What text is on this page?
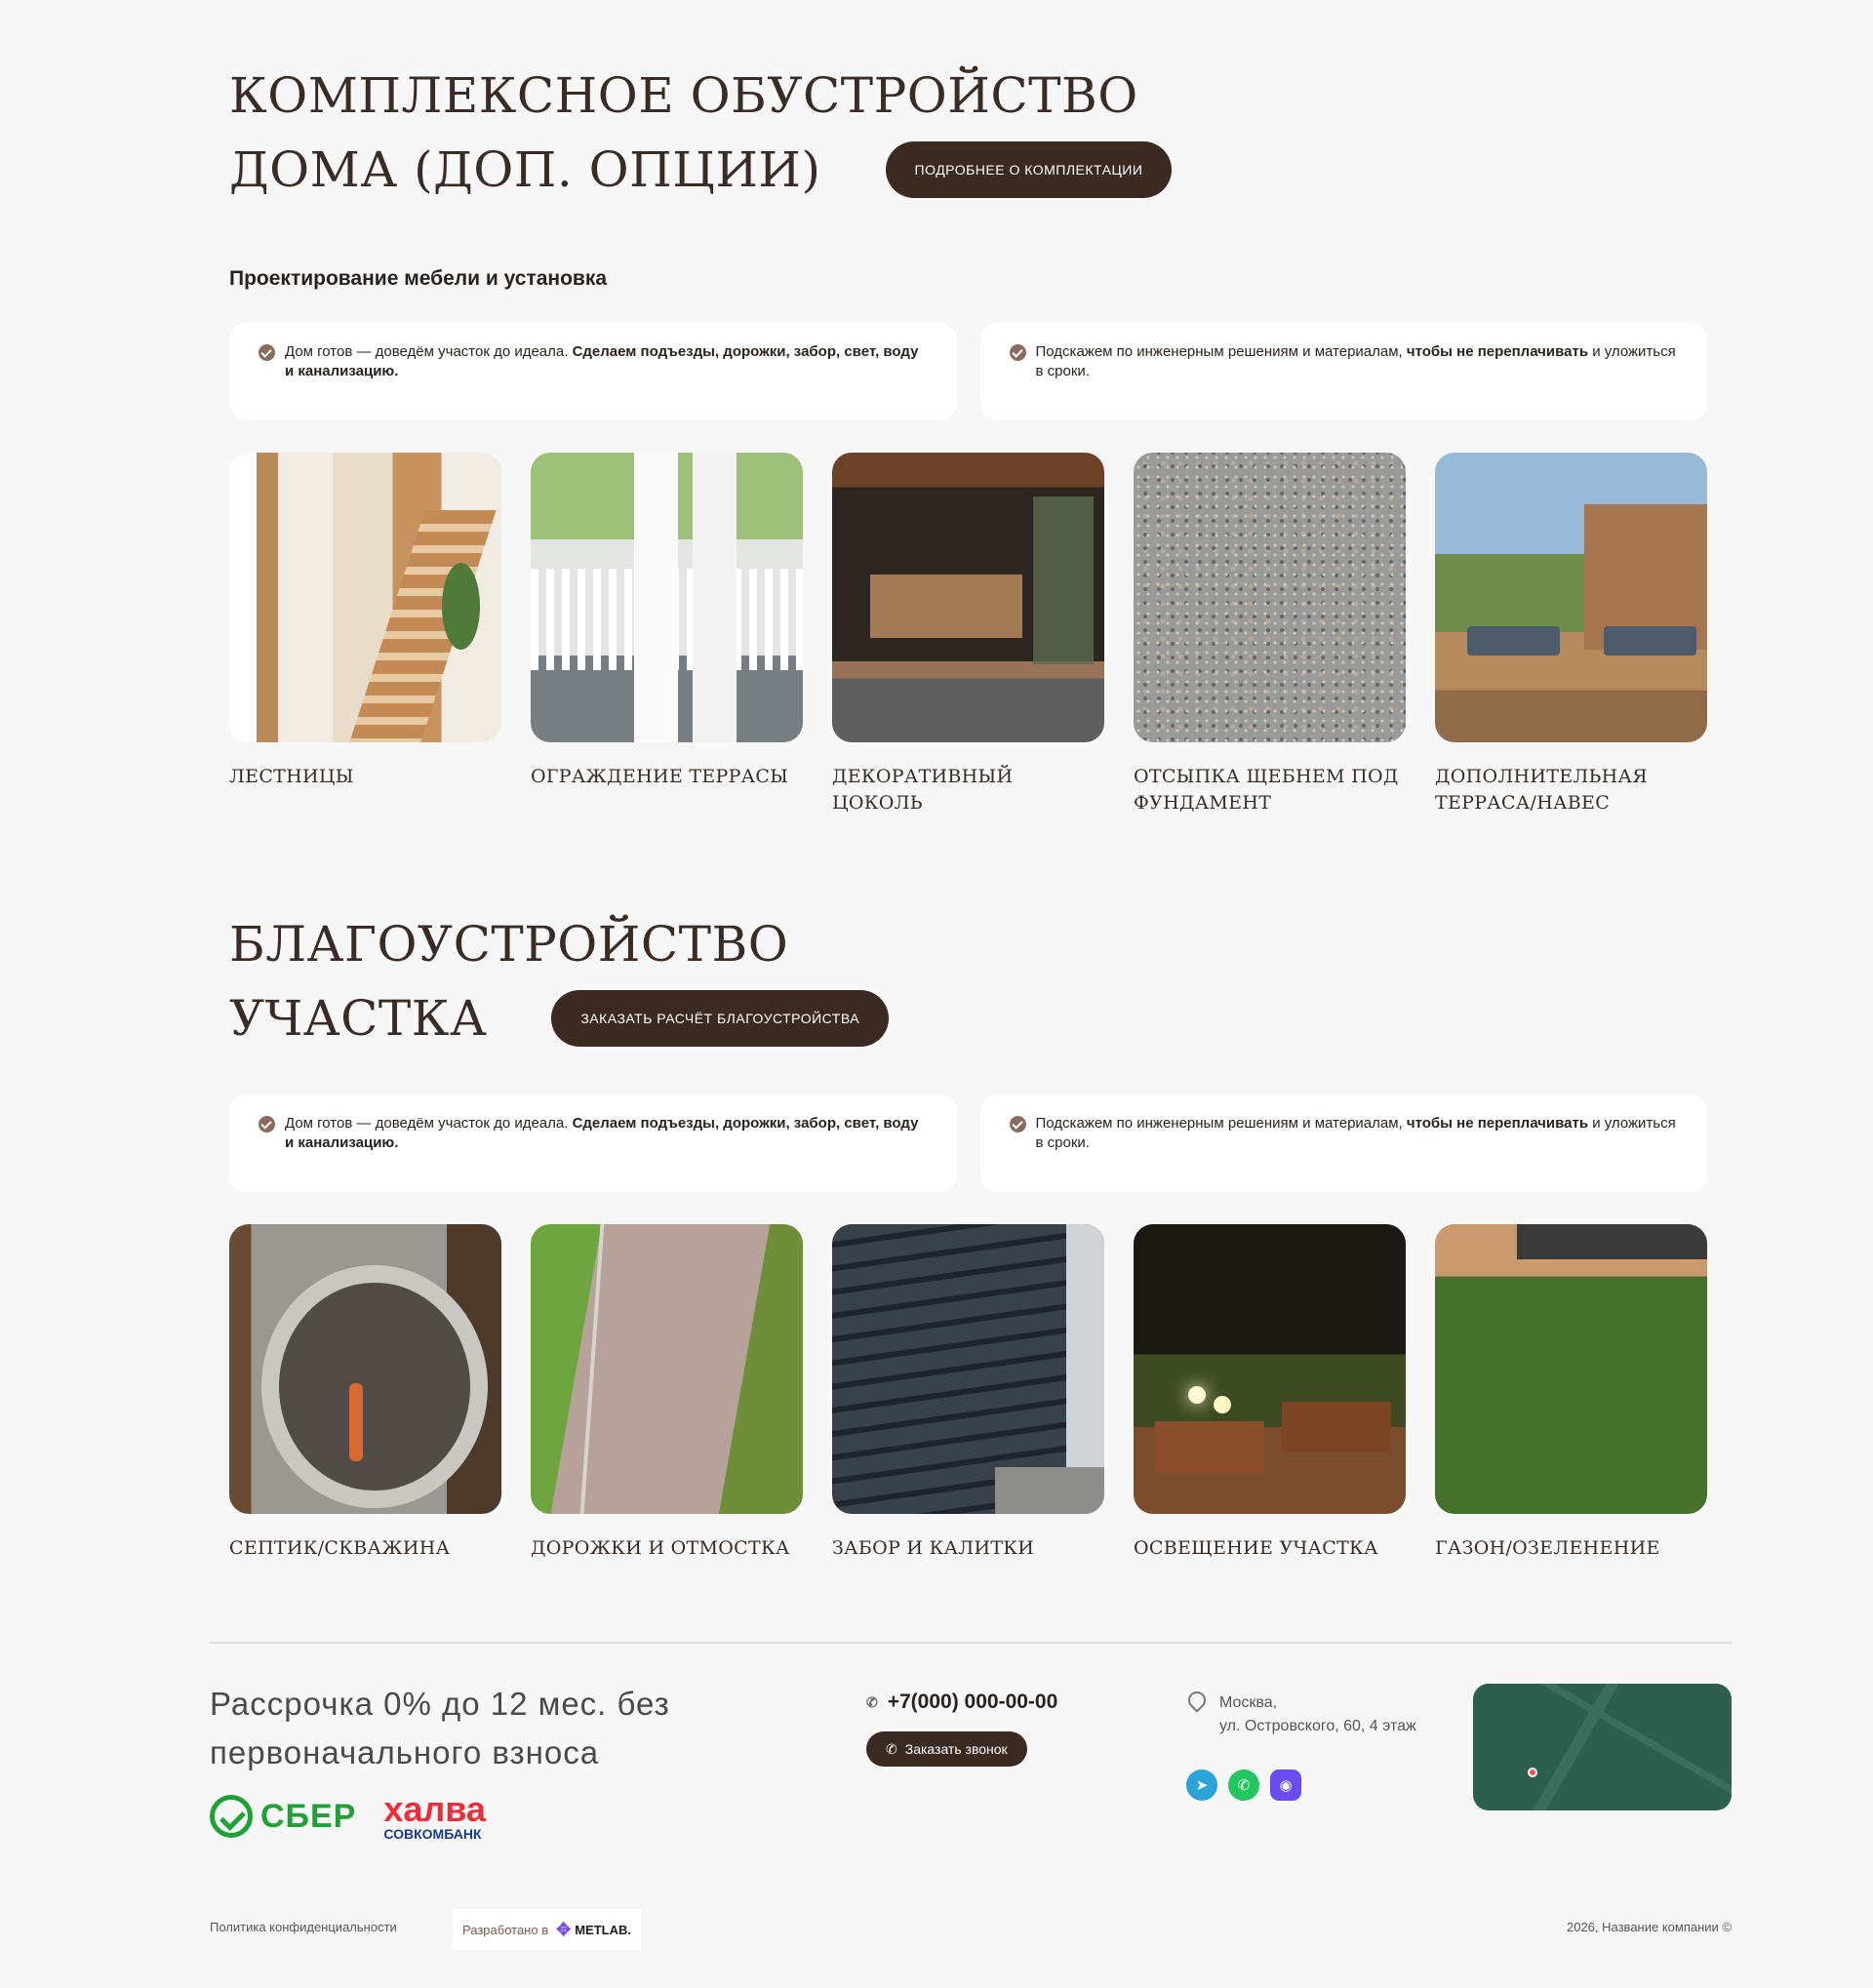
КОМПЛЕКСНОЕ ОБУСТРОЙСТВО
ДОМА (ДОП. ОПЦИИ)	ПОДРОБНЕЕ О КОМПЛЕКТАЦИИ
Проектирование мебели и установка

Дом готов — доведём участок до идеала. Сделаем подъезды, дорожки, забор, свет, воду и канализацию.

Подскажем по инженерным решениям и материалам, чтобы не переплачивать и уложиться в сроки.

ЛЕСТНИЦЫ	ОГРАЖДЕНИЕ ТЕРРАСЫ	ДЕКОРАТИВНЫЙ ЦОКОЛЬ
ОТСЫПКА ЩЕБНЕМ ПОД ФУНДАМЕНТ
ДОПОЛНИТЕЛЬНАЯ ТЕРРАСА/НАВЕС
БЛАГОУСТРОЙСТВО
УЧАСТКА	ЗАКАЗАТЬ РАСЧЁТ БЛАГОУСТРОЙСТВА

Дом готов — доведём участок до идеала. Сделаем подъезды, дорожки, забор, свет, воду и канализацию.

Подскажем по инженерным решениям и материалам, чтобы не переплачивать и уложиться в сроки.

СЕПТИК/СКВАЖИНА	ДОРОЖКИ И ОТМОСТКА	ЗАБОР И КАЛИТКИ	ОСВЕЩЕНИЕ УЧАСТКА	ГАЗОН/ОЗЕЛЕНЕНИЕ
Рассрочка 0% до 12 мес. без первоначального взноса
СБЕР халва
СОВКОМБАНК
✆ +7(000) 000-00-00
✆ Заказать звонок
Москва,
ул. Островского, 60, 4 этаж
➤	✆	◉
Политика конфиденциальности	Разработано в ✥ METLAB.	2026, Название компании ©
